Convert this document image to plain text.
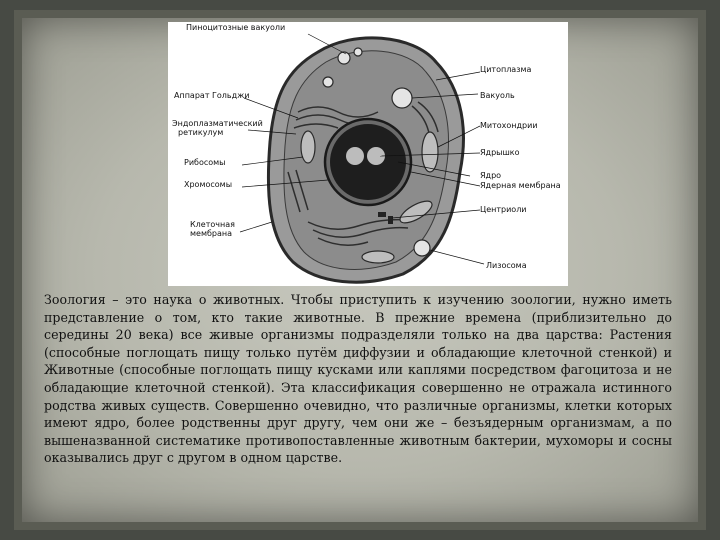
Пиноцитозные вакуоли
Аппарат Гольджи
Эндоплазматический
ретикулум
Рибосомы
Хромосомы
Клеточная
мембрана
Цитоплазма
Вакуоль
Митохондрии
Ядрышко
Ядро
Ядерная мембрана
Центриоли
Лизосома

Зоология – это наука о животных. Чтобы приступить к изучению зоологии, нужно иметь представление о том, кто такие животные. В прежние времена (приблизительно до середины 20 века) все живые организмы подразделяли только на два царства: Растения (способные поглощать пищу только путём диффузии и обладающие клеточной стенкой) и Животные (способные поглощать пищу кусками или каплями посредством фагоцитоза и не обладающие клеточной стенкой). Эта классификация совершенно не отражала истинного родства живых существ. Совершенно очевидно, что различные организмы, клетки которых имеют ядро, более родственны друг другу, чем они же – безъядерным организмам, а по вышеназванной систематике противопоставленные животным бактерии, мухоморы и сосны оказывались друг с другом в одном царстве.
